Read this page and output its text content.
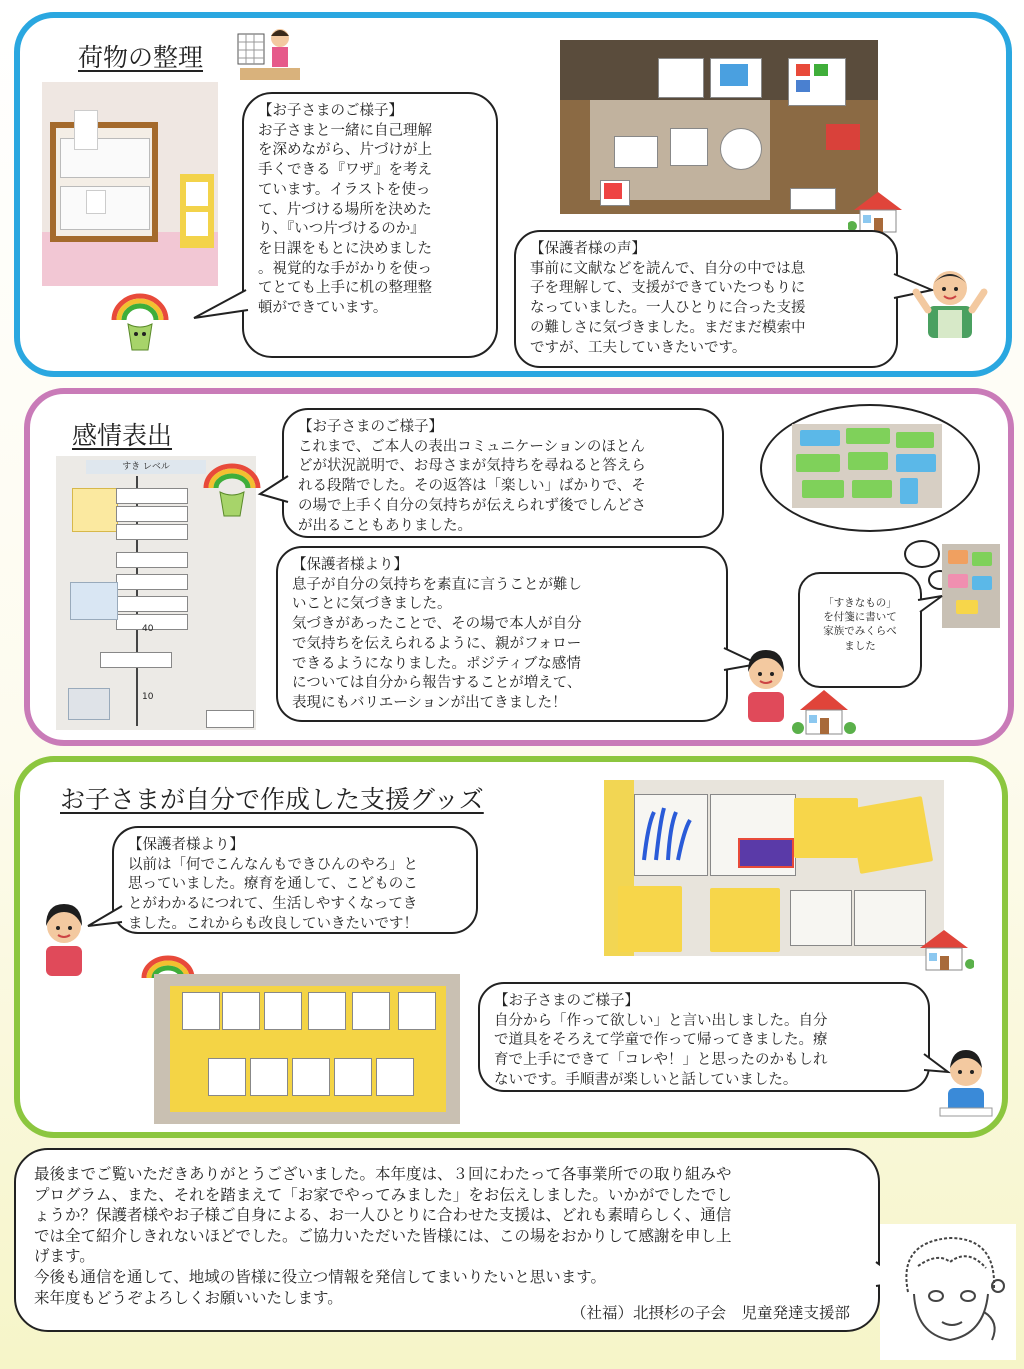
荷物の整理
【お子さまのご様子】
お子さまと一緒に自己理解
を深めながら、片づけが上
手くできる『ワザ』を考え
ています。イラストを使っ
て、片づける場所を決めた
り、『いつ片づけるのか』
を日課をもとに決めました
。視覚的な手がかりを使っ
てとても上手に机の整理整
頓ができています。
【保護者様の声】
事前に文献などを読んで、自分の中では息
子を理解して、支援ができていたつもりに
なっていました。一人ひとりに合った支援
の難しさに気づきました。まだまだ模索中
ですが、工夫していきたいです。
感情表出
すき レベル
40
10
【お子さまのご様子】
これまで、ご本人の表出コミュニケーションのほとん
どが状況説明で、お母さまが気持ちを尋ねると答えら
れる段階でした。その返答は「楽しい」ばかりで、そ
の場で上手く自分の気持ちが伝えられず後でしんどさ
が出ることもありました。
【保護者様より】
息子が自分の気持ちを素直に言うことが難し
いことに気づきました。
気づきがあったことで、その場で本人が自分
で気持ちを伝えられるように、親がフォロー
できるようになりました。ポジティブな感情
については自分から報告することが増えて、
表現にもバリエーションが出てきました！
「すきなもの」
を付箋に書いて
家族でみくらべ
ました
お子さまが自分で作成した支援グッズ
【保護者様より】
以前は「何でこんなんもできひんのやろ」と
思っていました。療育を通して、こどものこ
とがわかるにつれて、生活しやすくなってき
ました。これからも改良していきたいです！
【お子さまのご様子】
自分から「作って欲しい」と言い出しました。自分
で道具をそろえて学童で作って帰ってきました。療
育で上手にできて「コレや！」と思ったのかもしれ
ないです。手順書が楽しいと話していました。
最後までご覧いただきありがとうございました。本年度は、３回にわたって各事業所での取り組みや
プログラム、また、それを踏まえて「お家でやってみました」をお伝えしました。いかがでしたでし
ょうか？保護者様やお子様ご自身による、お一人ひとりに合わせた支援は、どれも素晴らしく、通信
では全て紹介しきれないほどでした。ご協力いただいた皆様には、この場をおかりして感謝を申し上
げます。
今後も通信を通して、地域の皆様に役立つ情報を発信してまいりたいと思います。
来年度もどうぞよろしくお願いいたします。
（社福）北摂杉の子会　児童発達支援部
